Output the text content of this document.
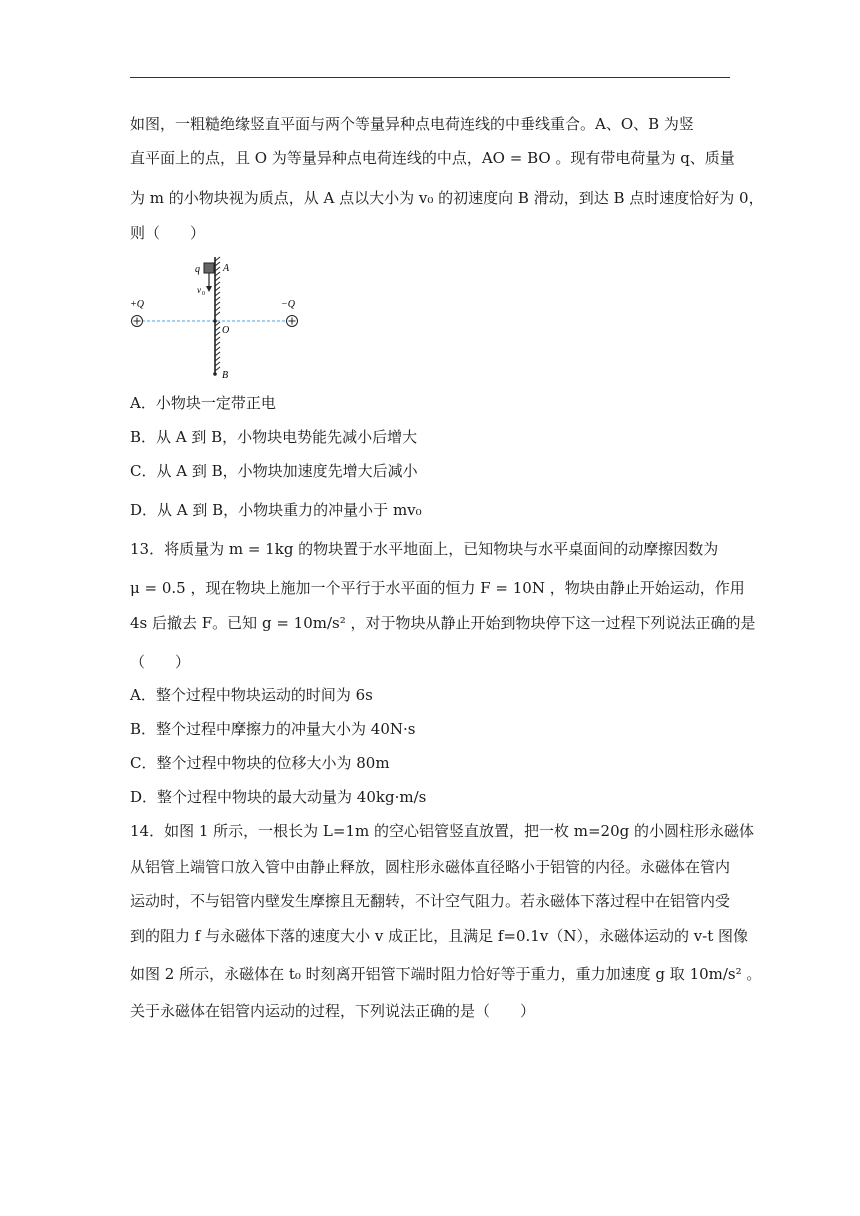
如图，一粗糙绝缘竖直平面与两个等量异种点电荷连线的中垂线重合。A、O、B 为竖
直平面上的点，且 O 为等量异种点电荷连线的中点，AO = BO 。现有带电荷量为 q、质量
为 m 的小物块视为质点，从 A 点以大小为 v₀ 的初速度向 B 滑动，到达 B 点时速度恰好为 0，
则（　　）
q A
v 0
+Q	−Q
O
B
A．小物块一定带正电
B．从 A 到 B，小物块电势能先减小后增大
C．从 A 到 B，小物块加速度先增大后减小
D．从 A 到 B，小物块重力的冲量小于 mv₀
13．将质量为 m = 1kg 的物块置于水平地面上，已知物块与水平桌面间的动摩擦因数为
μ = 0.5 ，现在物块上施加一个平行于水平面的恒力 F = 10N ，物块由静止开始运动，作用
4s 后撤去 F。已知 g = 10m/s² ，对于物块从静止开始到物块停下这一过程下列说法正确的是
（　　）
A．整个过程中物块运动的时间为 6s
B．整个过程中摩擦力的冲量大小为 40N·s
C．整个过程中物块的位移大小为 80m
D．整个过程中物块的最大动量为 40kg·m/s
14．如图 1 所示，一根长为 L=1m 的空心铝管竖直放置，把一枚 m=20g 的小圆柱形永磁体
从铝管上端管口放入管中由静止释放，圆柱形永磁体直径略小于铝管的内径。永磁体在管内
运动时，不与铝管内壁发生摩擦且无翻转，不计空气阻力。若永磁体下落过程中在铝管内受
到的阻力 f 与永磁体下落的速度大小 v 成正比，且满足 f=0.1v（N），永磁体运动的 v-t 图像
如图 2 所示，永磁体在 t₀ 时刻离开铝管下端时阻力恰好等于重力，重力加速度 g 取 10m/s² 。
关于永磁体在铝管内运动的过程，下列说法正确的是（　　）
